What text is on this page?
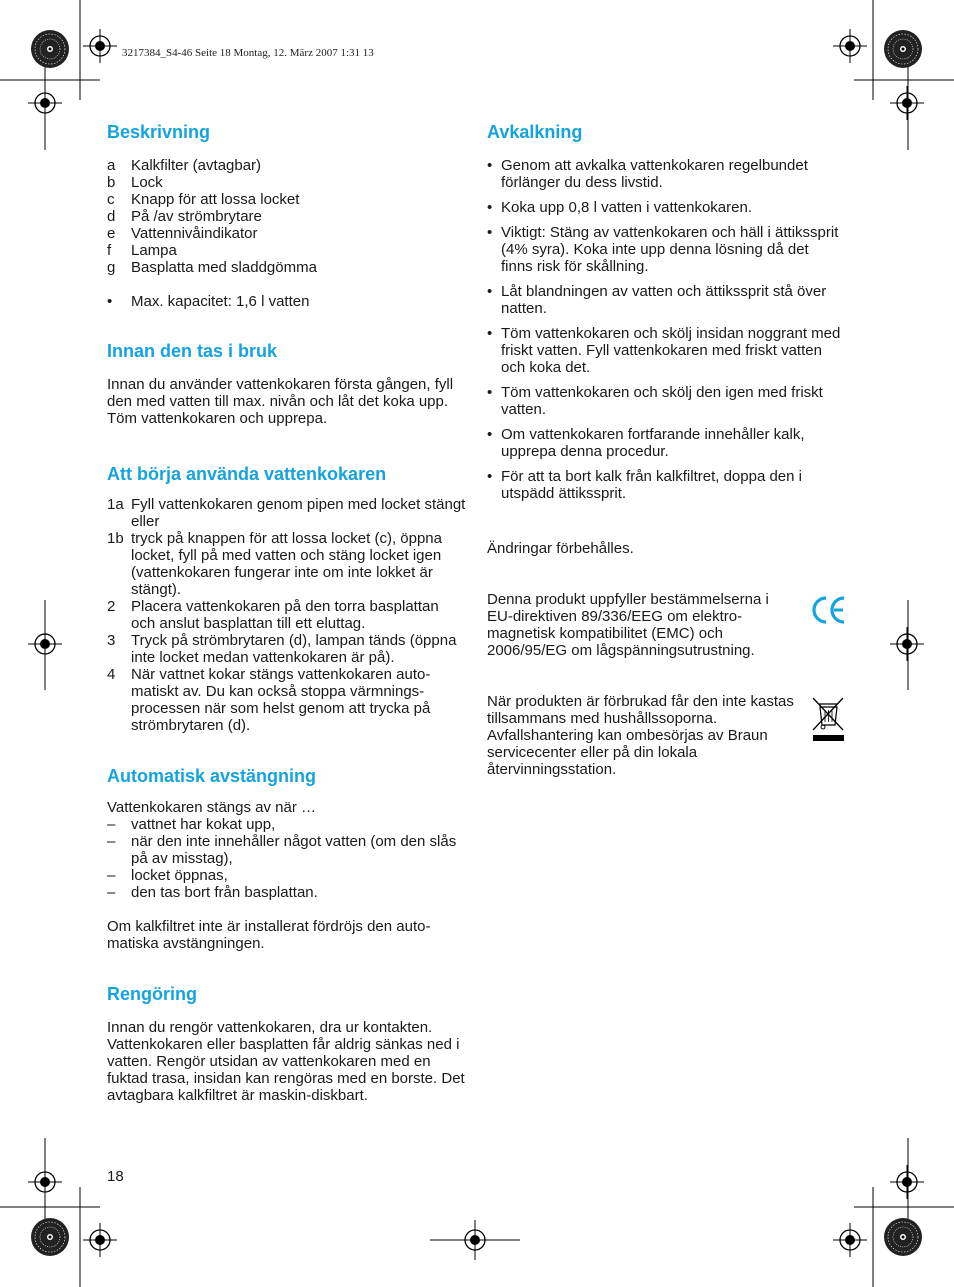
3217384_S4-46 Seite 18 Montag, 12. März 2007 1:31 13
Beskrivning
a	Kalkfilter (avtagbar)
b	Lock
c	Knapp för att lossa locket
d	På /av strömbrytare
e	Vattennivåindikator
f	Lampa
g	Basplatta med sladdgömma
•	Max. kapacitet: 1,6 l vatten
Innan den tas i bruk

Innan du använder vattenkokaren första gången, fyll den med vatten till max. nivån och låt det koka upp. Töm vattenkokaren och upprepa.

Att börja använda vattenkokaren
1a Fyll vattenkokaren genom pipen med locket stängt eller
1b tryck på knappen för att lossa locket (c), öppna locket, fyll på med vatten och stäng locket igen (vattenkokaren fungerar inte om inte lokket är stängt).
2	Placera vattenkokaren på den torra basplattan och anslut basplattan till ett eluttag.
3	Tryck på strömbrytaren (d), lampan tänds (öppna inte locket medan vattenkokaren är på).
4	När vattnet kokar stängs vattenkokaren auto-matiskt av. Du kan också stoppa värmnings-processen när som helst genom att trycka på strömbrytaren (d).
Automatisk avstängning

Vattenkokaren stängs av när …

–	vattnet har kokat upp,
–	när den inte innehåller något vatten (om den slås på av misstag),
–	locket öppnas,
–	den tas bort från basplattan.

Om kalkfiltret inte är installerat fördröjs den auto-matiska avstängningen.

Rengöring

Innan du rengör vattenkokaren, dra ur kontakten. Vattenkokaren eller basplatten får aldrig sänkas ned i vatten. Rengör utsidan av vattenkokaren med en fuktad trasa, insidan kan rengöras med en borste. Det avtagbara kalkfiltret är maskin-diskbart.

Avkalkning
• Genom att avkalka vattenkokaren regelbundet förlänger du dess livstid.
• Koka upp 0,8 l vatten i vattenkokaren.
• Viktigt: Stäng av vattenkokaren och häll i ättikssprit (4% syra). Koka inte upp denna lösning då det finns risk för skållning.
• Låt blandningen av vatten och ättikssprit stå över natten.
• Töm vattenkokaren och skölj insidan noggrant med friskt vatten. Fyll vattenkokaren med friskt vatten och koka det.
• Töm vattenkokaren och skölj den igen med friskt vatten.
• Om vattenkokaren fortfarande innehåller kalk, upprepa denna procedur.
• För att ta bort kalk från kalkfiltret, doppa den i utspädd ättikssprit.

Ändringar förbehålles.

Denna produkt uppfyller bestämmelserna i EU-direktiven 89/336/EEG om elektro-magnetisk kompatibilitet (EMC) och 2006/95/EG om lågspänningsutrustning.

När produkten är förbrukad får den inte kastas tillsammans med hushållssoporna. Avfallshantering kan ombesörjas av Braun servicecenter eller på din lokala återvinningsstation.

18
